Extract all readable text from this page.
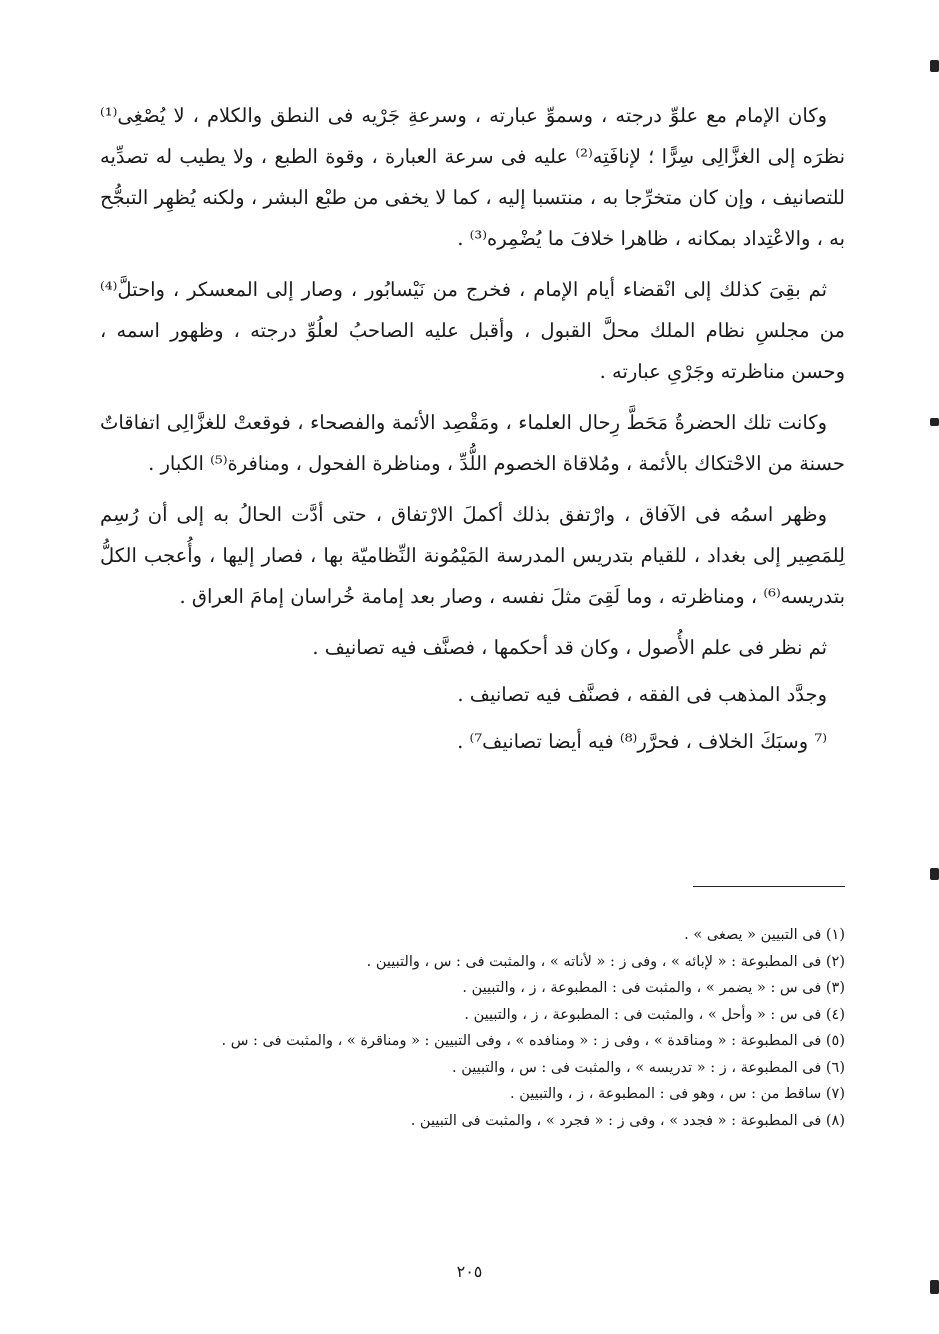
وكان الإمام مع علوِّ درجته ، وسموِّ عبارته ، وسرعةِ جَرْيه فى النطق والكلام ، لا يُصْغِى⁽¹⁾ نظرَه إلى الغزَّالِى سِرًّا ؛ لإنافَتِه⁽²⁾ عليه فى سرعة العبارة ، وقوة الطبع ، ولا يطيب له تصدِّيه للتصانيف ، وإن كان متخرِّجا به ، منتسبا إليه ، كما لا يخفى من طبْع البشر ، ولكنه يُظهِر التبجُّح به ، والاعْتِداد بمكانه ، ظاهرا خلافَ ما يُضْمِره⁽³⁾ .

ثم بقِىَ كذلك إلى انْقضاء أيام الإمام ، فخرج من نَيْسابُور ، وصار إلى المعسكر ، واحتلَّ⁽⁴⁾ من مجلسِ نظام الملك محلَّ القبول ، وأقبل عليه الصاحبُ لعلُوِّ درجته ، وظهور اسمه ، وحسن مناظرته وجَرْىِ عبارته .

وكانت تلك الحضرةُ مَحَطَّ رِحال العلماء ، ومَقْصِد الأئمة والفصحاء ، فوقعتْ للغزَّالِى اتفاقاتٌ حسنة من الاحْتكاك بالأئمة ، ومُلاقاة الخصوم اللُّدِّ ، ومناظرة الفحول ، ومنافرة⁽⁵⁾ الكبار .

وظهر اسمُه فى الآفاق ، وارْتفق بذلك أكملَ الارْتفاق ، حتى أدَّت الحالُ به إلى أن رُسِم لِلمَصِير إلى بغداد ، للقيام بتدريس المدرسة المَيْمُونة النِّظاميّة بها ، فصار إليها ، وأُعجب الكلُّ بتدريسه⁽⁶⁾ ، ومناظرته ، وما لَقِىَ مثلَ نفسه ، وصار بعد إمامة خُراسان إمامَ العراق .

ثم نظر فى علم الأُصول ، وكان قد أحكمها ، فصنَّف فيه تصانيف .

وجدَّد المذهب فى الفقه ، فصنَّف فيه تصانيف .

⁽⁷ وسبَكَ الخلاف ، فحرَّر⁽⁸⁾ فيه أيضا تصانيف⁷⁾ .

(١) فى التبيين « يصغى » .

(٢) فى المطبوعة : « لإبائه » ، وفى ز : « لأناته » ، والمثبت فى : س ، والتبيين .

(٣) فى س : « يضمر » ، والمثبت فى : المطبوعة ، ز ، والتبيين .

(٤) فى س : « وأحل » ، والمثبت فى : المطبوعة ، ز ، والتبيين .

(٥) فى المطبوعة : « ومناقدة » ، وفى ز : « ومنافده » ، وفى التبيين : « ومناقرة » ، والمثبت فى : س .

(٦) فى المطبوعة ، ز : « تدريسه » ، والمثبت فى : س ، والتبيين .

(٧) ساقط من : س ، وهو فى : المطبوعة ، ز ، والتبيين .

(٨) فى المطبوعة : « فجدد » ، وفى ز : « فجرد » ، والمثبت فى التبيين .

٢٠٥
